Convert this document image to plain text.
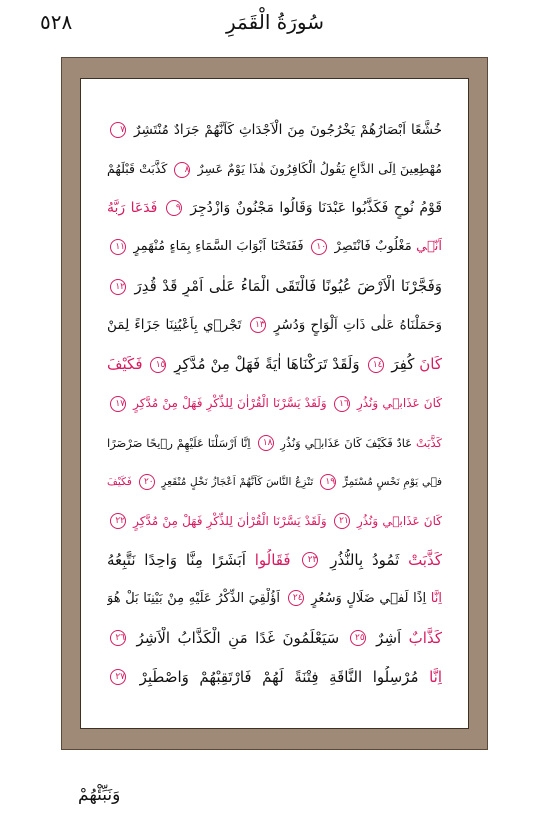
٥٢٨	سُورَةُ الْقَمَرِ
خُشَّعًا اَبْصَارُهُمْ يَخْرُجُونَ مِنَ الْاَجْدَاثِ كَاَنَّهُمْ جَرَادٌ مُنْتَشِرٌ ٧
مُهْطِعِينَ اِلَى الدَّاعِ يَقُولُ الْكَافِرُونَ هٰذَا يَوْمٌ عَسِرٌ ٨ كَذَّبَتْ قَبْلَهُمْ
قَوْمُ نُوحٍ فَكَذَّبُوا عَبْدَنَا وَقَالُوا مَجْنُونٌ وَازْدُجِرَ ٩ فَدَعَا رَبَّهُ
اَنّ۪ي مَغْلُوبٌ فَانْتَصِرْ ١٠ فَفَتَحْنَا اَبْوَابَ السَّمَاءِ بِمَاءٍ مُنْهَمِرٍ ١١
وَفَجَّرْنَا الْاَرْضَ عُيُونًا فَالْتَقَى الْمَاءُ عَلٰى اَمْرٍ قَدْ قُدِرَ ١٢
وَحَمَلْنَاهُ عَلٰى ذَاتِ اَلْوَاحٍ وَدُسُرٍ ١٣ تَجْر۪ي بِاَعْيُنِنَا جَزَاءً لِمَنْ
كَانَ كُفِرَ ١٤ وَلَقَدْ تَرَكْنَاهَا اٰيَةً فَهَلْ مِنْ مُدَّكِرٍ ١٥ فَكَيْفَ
كَانَ عَذَاب۪ي وَنُذُرِ ١٦ وَلَقَدْ يَسَّرْنَا الْقُرْاٰنَ لِلذِّكْرِ فَهَلْ مِنْ مُدَّكِرٍ ١٧
كَذَّبَتْ عَادٌ فَكَيْفَ كَانَ عَذَاب۪ي وَنُذُرِ ١٨ اِنَّا اَرْسَلْنَا عَلَيْهِمْ ر۪يحًا صَرْصَرًا
ف۪ي يَوْمِ نَحْسٍ مُسْتَمِرٍّ ١٩ تَنْزِعُ النَّاسَ كَاَنَّهُمْ اَعْجَازُ نَخْلٍ مُنْقَعِرٍ ٢٠ فَكَيْفَ
كَانَ عَذَاب۪ي وَنُذُرِ ٢١ وَلَقَدْ يَسَّرْنَا الْقُرْاٰنَ لِلذِّكْرِ فَهَلْ مِنْ مُدَّكِرٍ ٢٢
كَذَّبَتْ ثَمُودُ بِالنُّذُرِ ٢٣ فَقَالُوا اَبَشَرًا مِنَّا وَاحِدًا نَتَّبِعُهُ
اِنَّا اِذًا لَف۪ي ضَلَالٍ وَسُعُرٍ ٢٤ اَؤُلْقِيَ الذِّكْرُ عَلَيْهِ مِنْ بَيْنِنَا بَلْ هُوَ
كَذَّابٌ اَشِرٌ ٢٥ سَيَعْلَمُونَ غَدًا مَنِ الْكَذَّابُ الْاَشِرُ ٢٦
اِنَّا مُرْسِلُوا النَّاقَةِ فِتْنَةً لَهُمْ فَارْتَقِبْهُمْ وَاصْطَبِرْ ٢٧
وَنَبِّئْهُمْ
